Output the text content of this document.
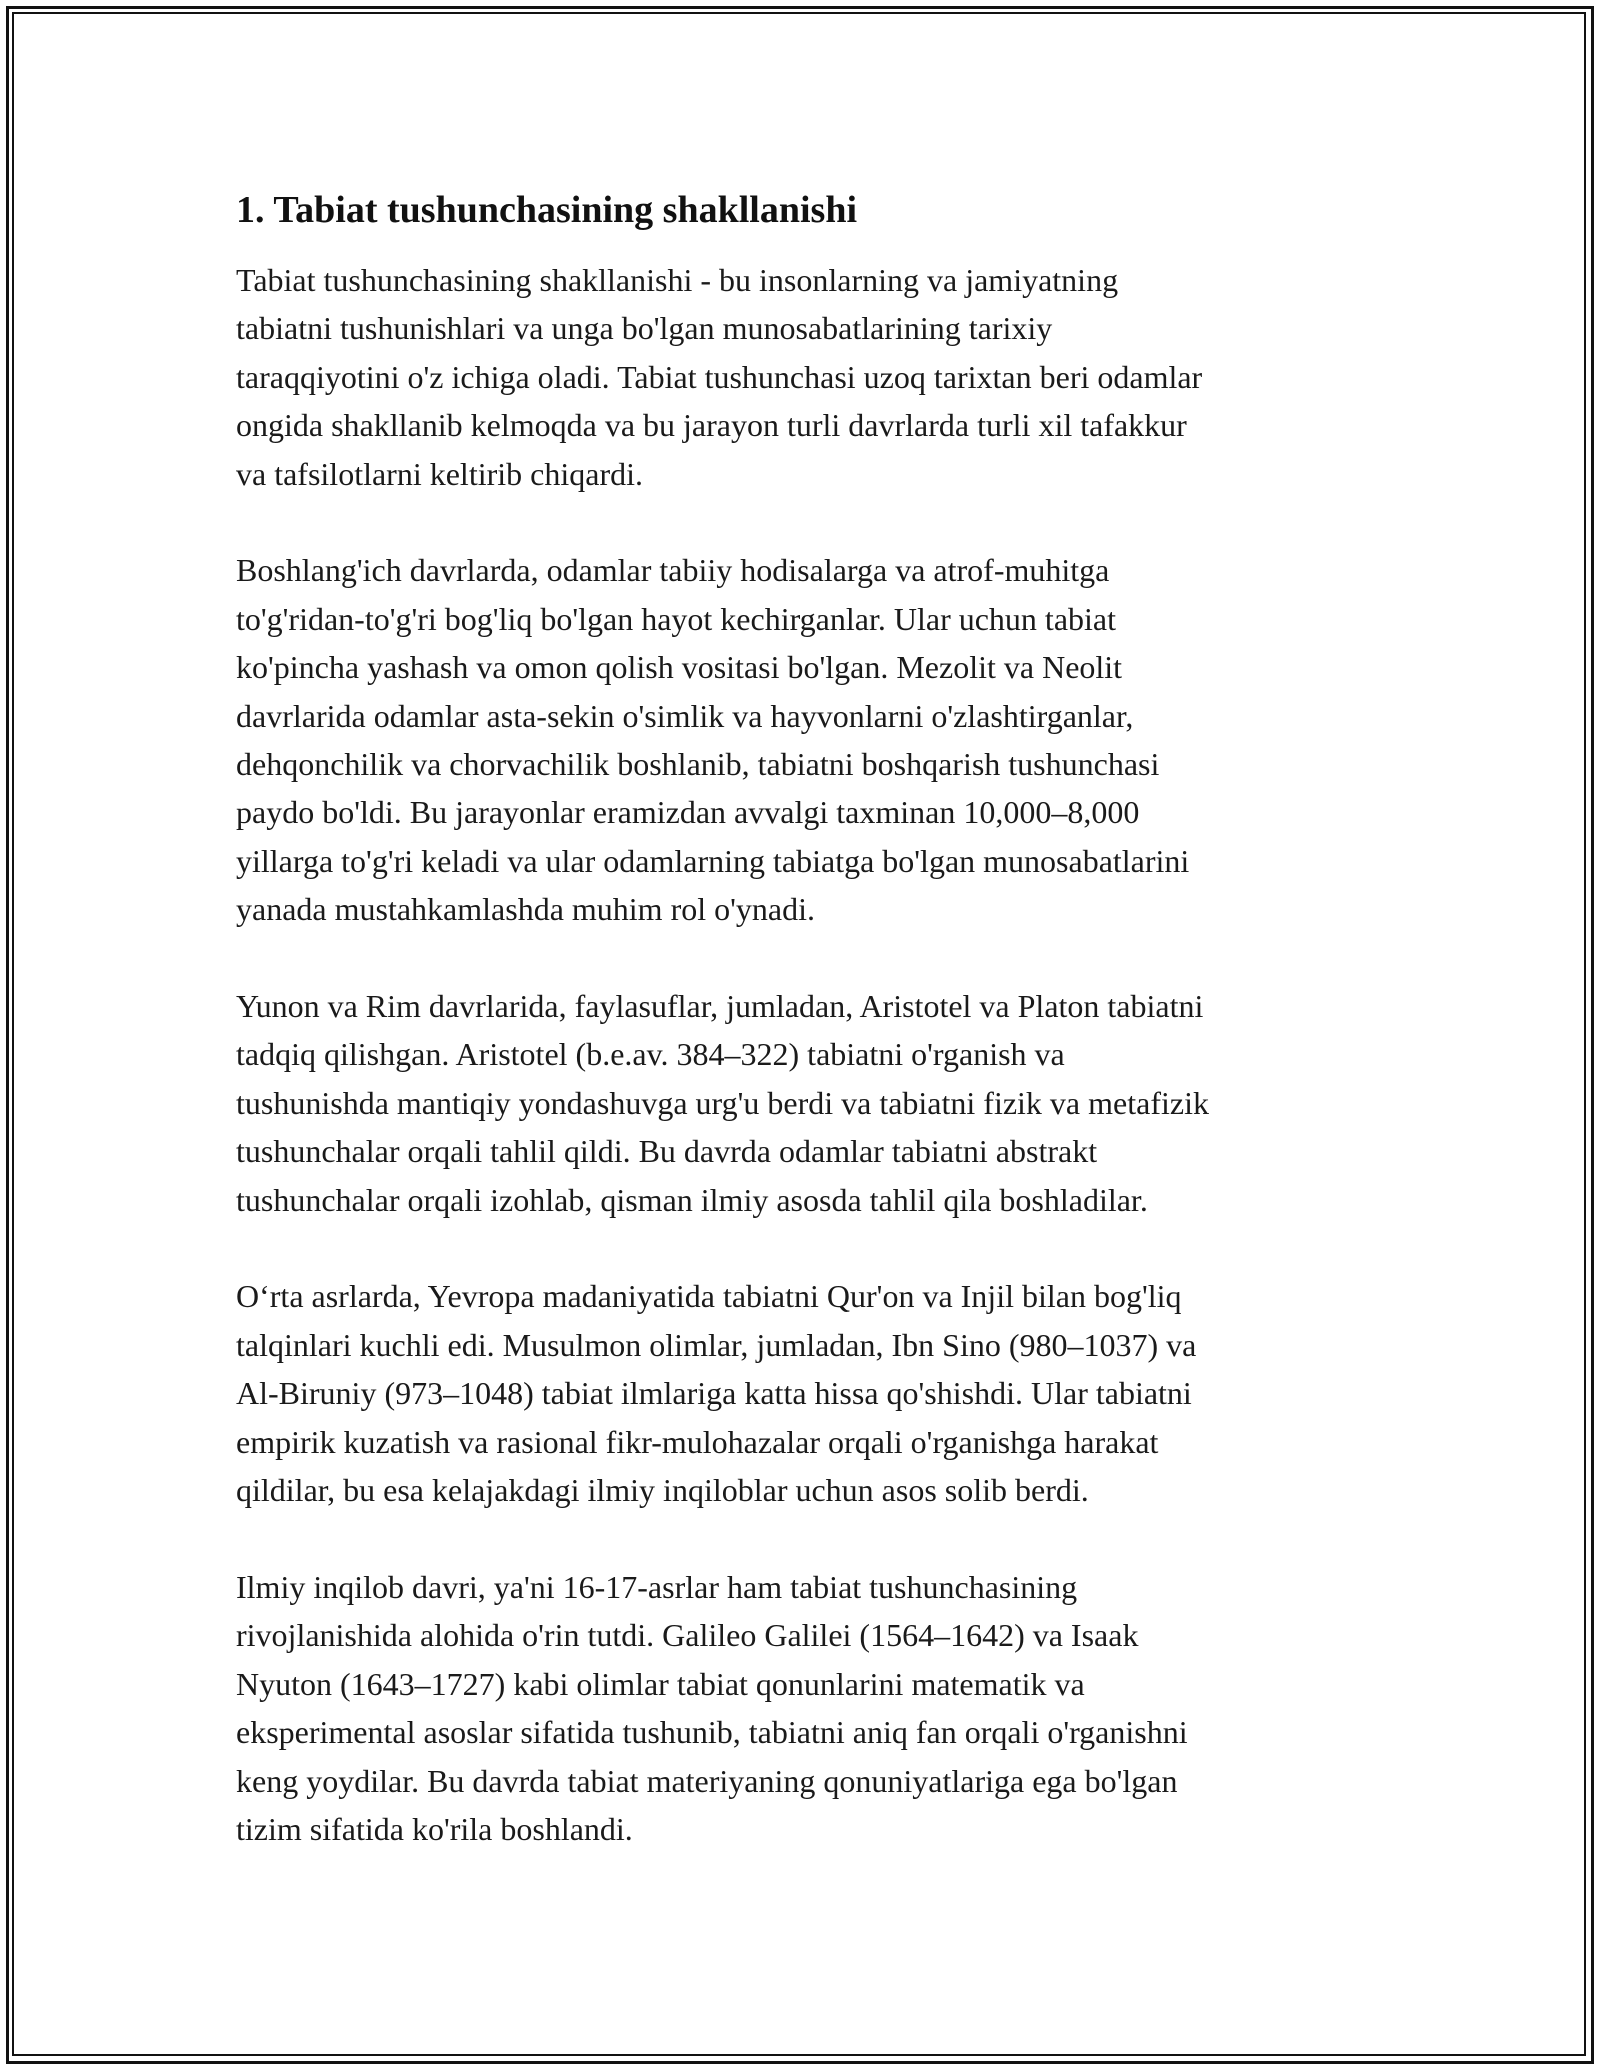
1. Tabiat tushunchasining shakllanishi
Tabiat tushunchasining shakllanishi - bu insonlarning va jamiyatning
tabiatni tushunishlari va unga bo'lgan munosabatlarining tarixiy
taraqqiyotini o'z ichiga oladi. Tabiat tushunchasi uzoq tarixtan beri odamlar
ongida shakllanib kelmoqda va bu jarayon turli davrlarda turli xil tafakkur
va tafsilotlarni keltirib chiqardi.
Boshlang'ich davrlarda, odamlar tabiiy hodisalarga va atrof-muhitga
to'g'ridan-to'g'ri bog'liq bo'lgan hayot kechirganlar. Ular uchun tabiat
ko'pincha yashash va omon qolish vositasi bo'lgan. Mezolit va Neolit
davrlarida odamlar asta-sekin o'simlik va hayvonlarni o'zlashtirganlar,
dehqonchilik va chorvachilik boshlanib, tabiatni boshqarish tushunchasi
paydo bo'ldi. Bu jarayonlar eramizdan avvalgi taxminan 10,000–8,000
yillarga to'g'ri keladi va ular odamlarning tabiatga bo'lgan munosabatlarini
yanada mustahkamlashda muhim rol o'ynadi.
Yunon va Rim davrlarida, faylasuflar, jumladan, Aristotel va Platon tabiatni
tadqiq qilishgan. Aristotel (b.e.av. 384–322) tabiatni o'rganish va
tushunishda mantiqiy yondashuvga urg'u berdi va tabiatni fizik va metafizik
tushunchalar orqali tahlil qildi. Bu davrda odamlar tabiatni abstrakt
tushunchalar orqali izohlab, qisman ilmiy asosda tahlil qila boshladilar.
O‘rta asrlarda, Yevropa madaniyatida tabiatni Qur'on va Injil bilan bog'liq
talqinlari kuchli edi. Musulmon olimlar, jumladan, Ibn Sino (980–1037) va
Al-Biruniy (973–1048) tabiat ilmlariga katta hissa qo'shishdi. Ular tabiatni
empirik kuzatish va rasional fikr-mulohazalar orqali o'rganishga harakat
qildilar, bu esa kelajakdagi ilmiy inqiloblar uchun asos solib berdi.
Ilmiy inqilob davri, ya'ni 16-17-asrlar ham tabiat tushunchasining
rivojlanishida alohida o'rin tutdi. Galileo Galilei (1564–1642) va Isaak
Nyuton (1643–1727) kabi olimlar tabiat qonunlarini matematik va
eksperimental asoslar sifatida tushunib, tabiatni aniq fan orqali o'rganishni
keng yoydilar. Bu davrda tabiat materiyaning qonuniyatlariga ega bo'lgan
tizim sifatida ko'rila boshlandi.
